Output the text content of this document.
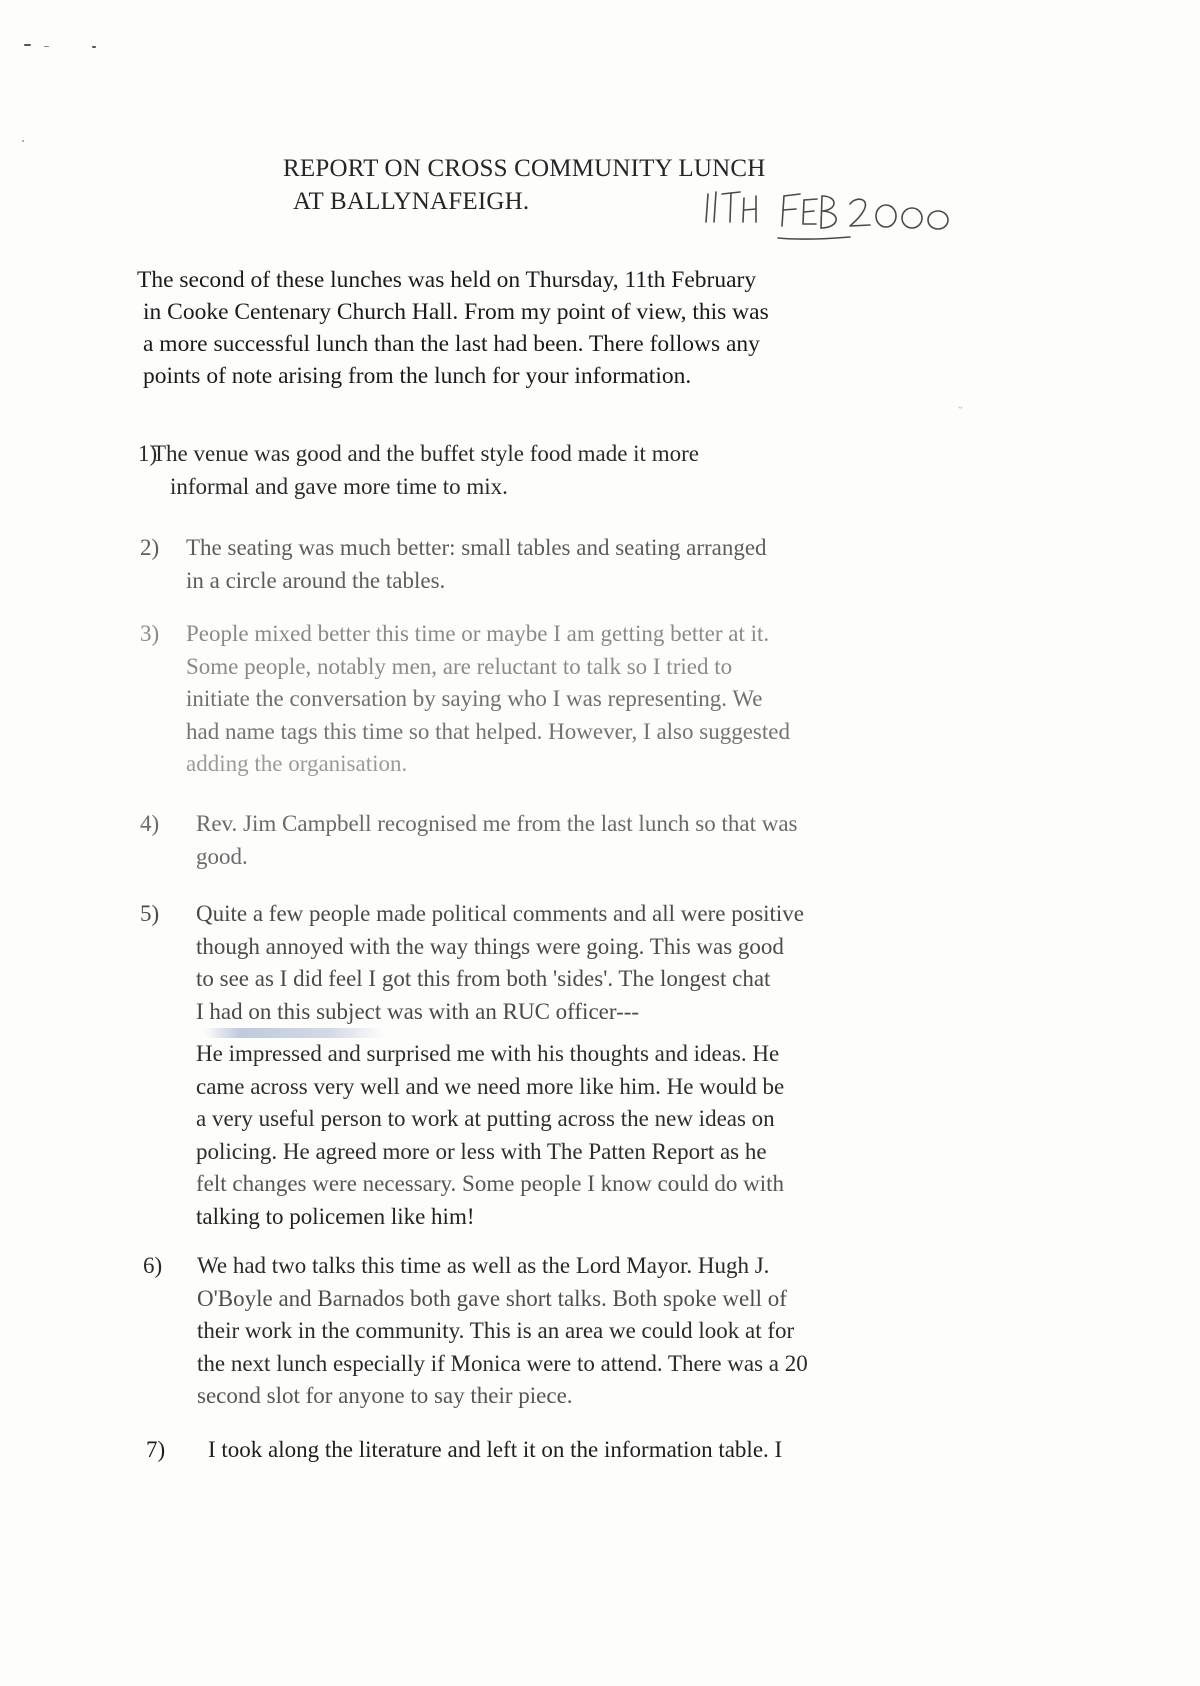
REPORT ON CROSS COMMUNITY LUNCH
AT BALLYNAFEIGH.
The second of these lunches was held on Thursday, 11th February
in Cooke Centenary Church Hall. From my point of view, this was
a more successful lunch than the last had been. There follows any
points of note arising from the lunch for your information.
ˇ
1)
The venue was good and the buffet style food made it more
informal and gave more time to mix.
2) The seating was much better: small tables and seating arranged
in a circle around the tables.
3) People mixed better this time or maybe I am getting better at it.
Some people, notably men, are reluctant to talk so I tried to
initiate the conversation by saying who I was representing. We
had name tags this time so that helped. However, I also suggested
adding the organisation.
4) Rev. Jim Campbell recognised me from the last lunch so that was
good.
5) Quite a few people made political comments and all were positive
though annoyed with the way things were going. This was good
to see as I did feel I got this from both 'sides'. The longest chat
I had on this subject was with an RUC officer---
He impressed and surprised me with his thoughts and ideas. He
came across very well and we need more like him. He would be
a very useful person to work at putting across the new ideas on
policing. He agreed more or less with The Patten Report as he
felt changes were necessary. Some people I know could do with
talking to policemen like him!
6) We had two talks this time as well as the Lord Mayor. Hugh J.
O'Boyle and Barnados both gave short talks. Both spoke well of
their work in the community. This is an area we could look at for
the next lunch especially if Monica were to attend. There was a 20
second slot for anyone to say their piece.
7) I took along the literature and left it on the information table. I
